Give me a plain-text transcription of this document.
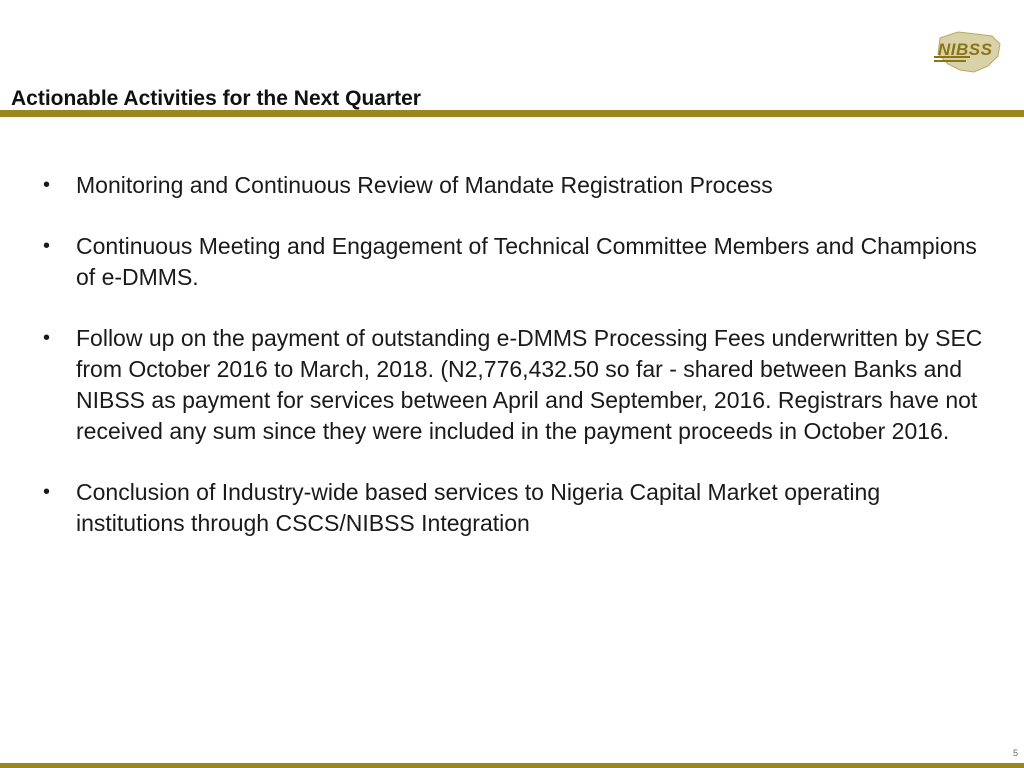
NIBSS
Actionable Activities for the Next Quarter
•	Monitoring and Continuous Review of Mandate Registration Process
•	Continuous Meeting and Engagement of Technical Committee Members and Champions of e-DMMS.
•	Follow up on the payment of outstanding e-DMMS Processing Fees underwritten by SEC from October 2016 to March, 2018. (N2,776,432.50 so far - shared between Banks and NIBSS as payment for services between April and September, 2016. Registrars have not received any sum since they were included in the payment proceeds in October 2016.
•	Conclusion of Industry-wide based services to Nigeria Capital Market operating institutions through CSCS/NIBSS Integration
5
